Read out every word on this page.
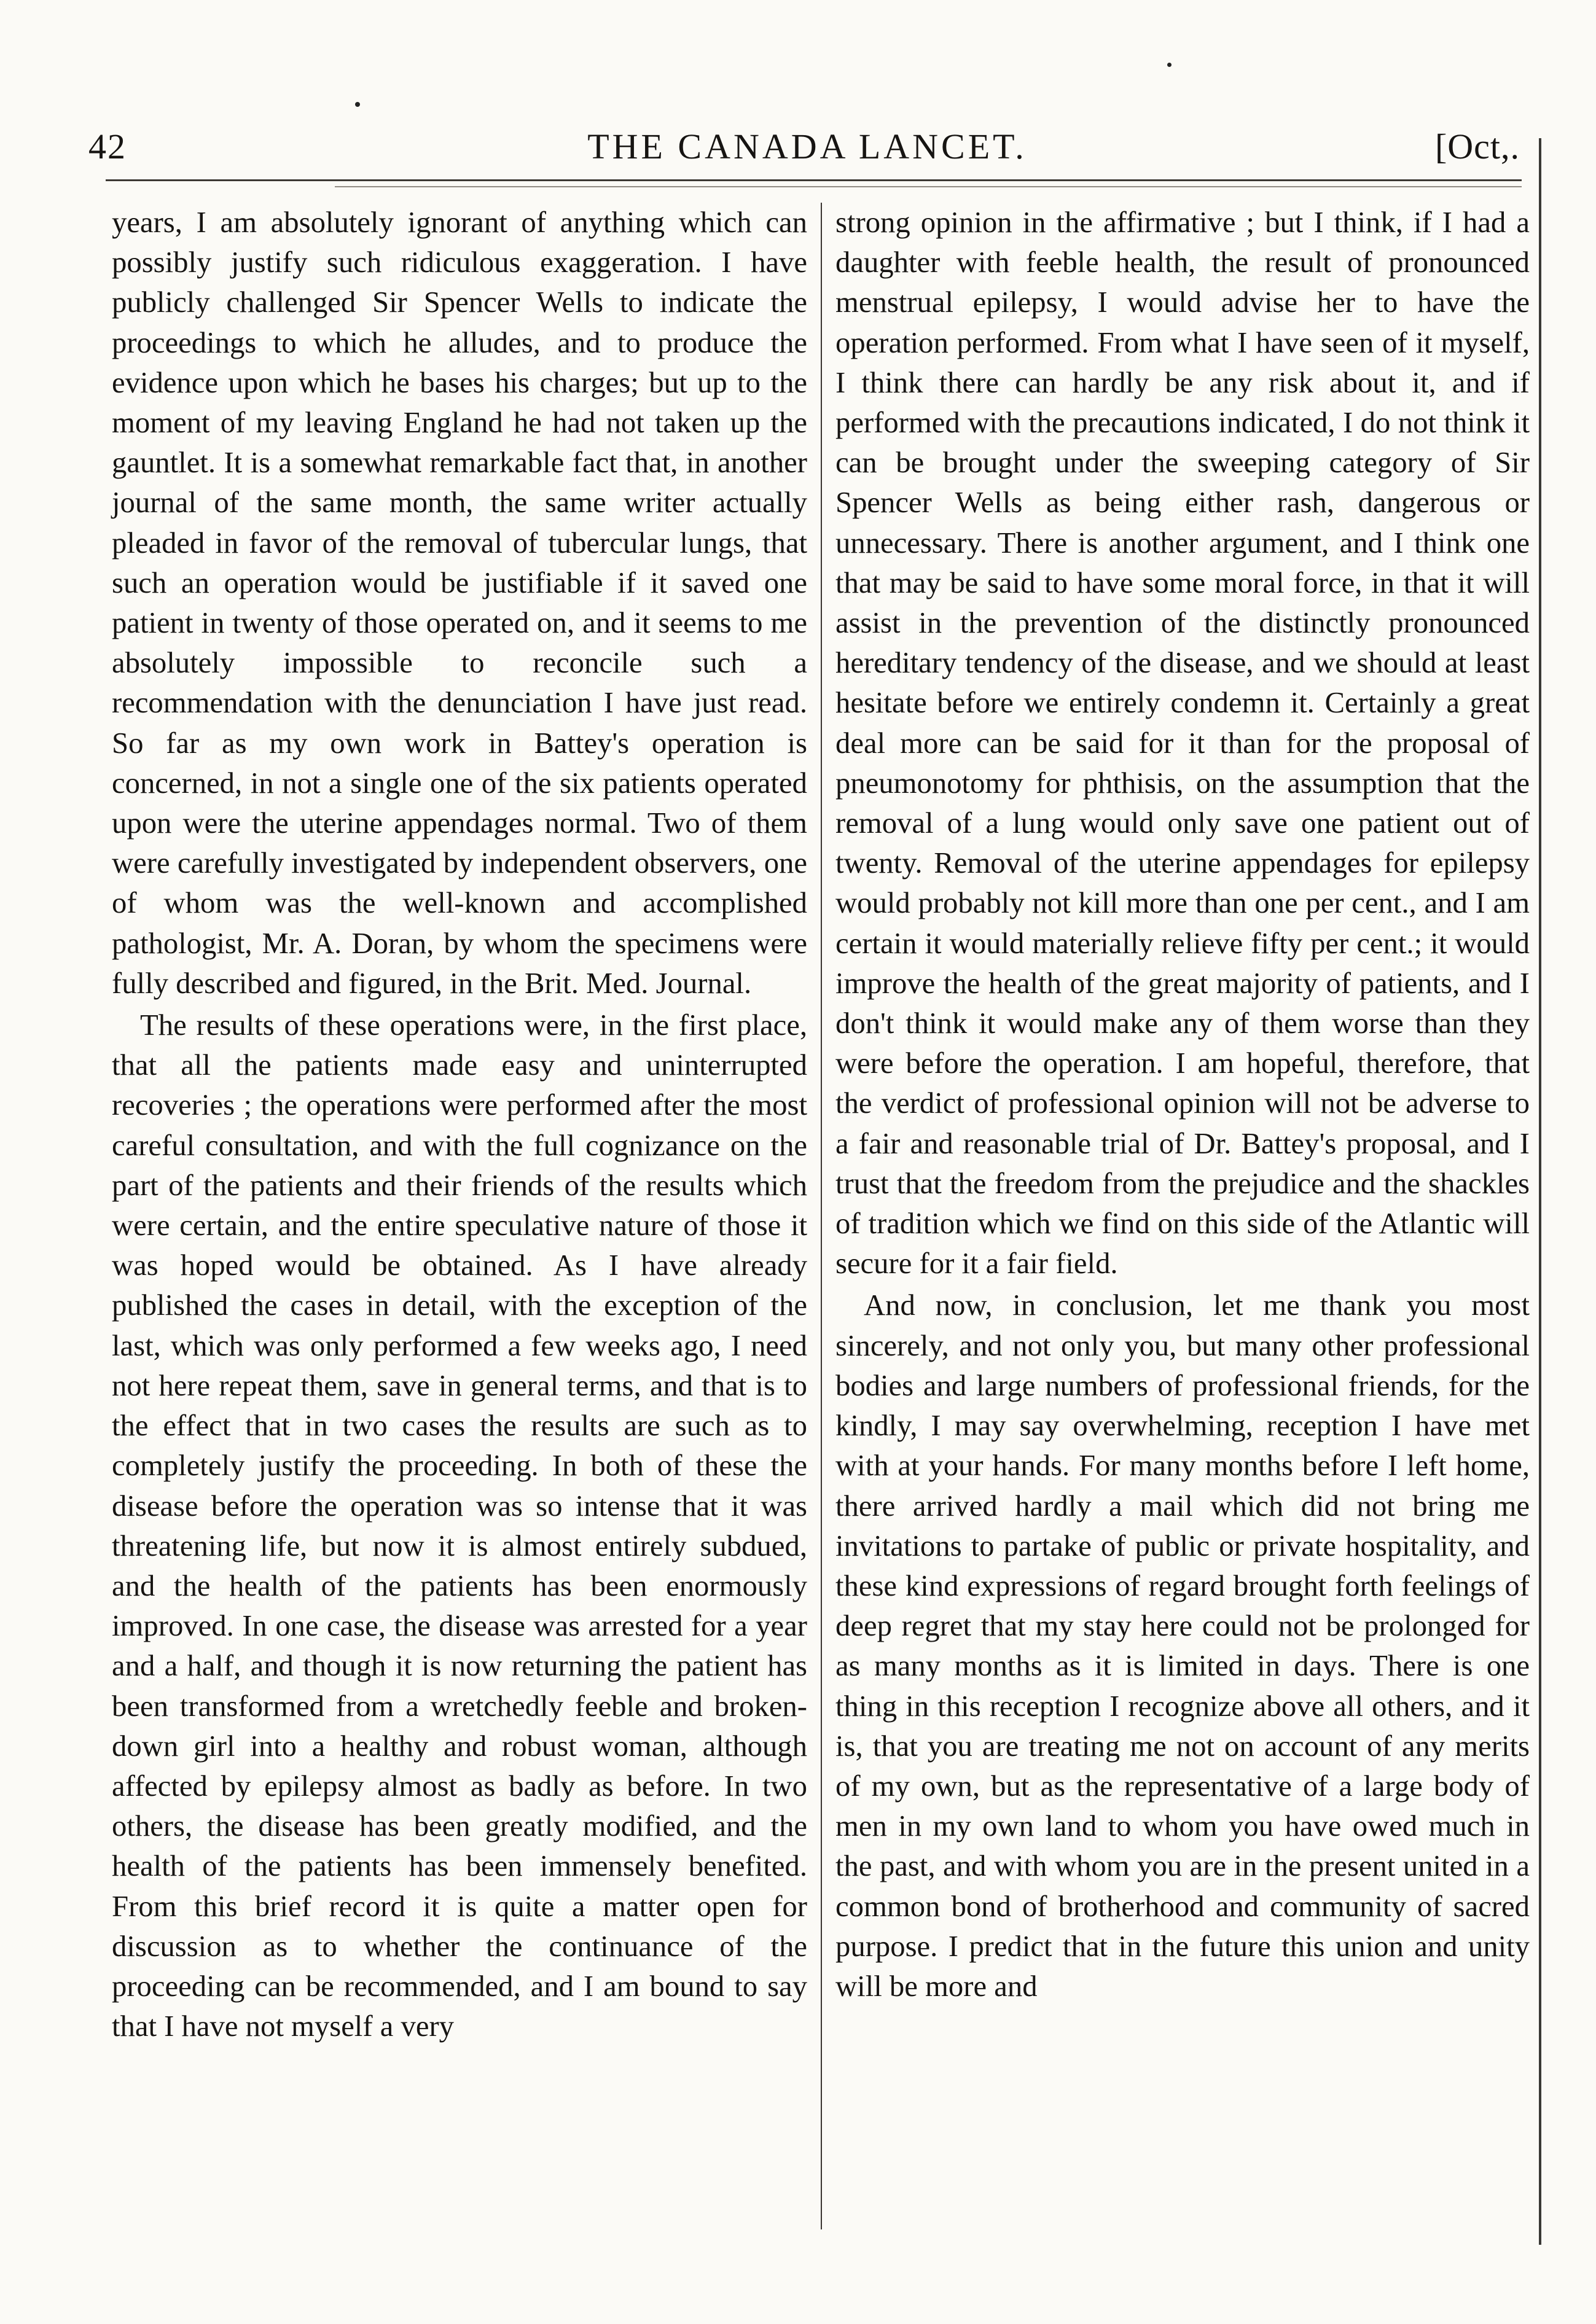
42	THE CANADA LANCET.	[Oct,.

years, I am absolutely ignorant of anything which can possibly justify such ridiculous exaggeration. I have publicly challenged Sir Spencer Wells to indicate the proceedings to which he alludes, and to produce the evidence upon which he bases his charges; but up to the moment of my leaving England he had not taken up the gauntlet. It is a somewhat remarkable fact that, in another journal of the same month, the same writer actually pleaded in favor of the removal of tubercular lungs, that such an operation would be justifiable if it saved one patient in twenty of those operated on, and it seems to me absolutely impossible to reconcile such a recommendation with the denunciation I have just read. So far as my own work in Battey's operation is concerned, in not a single one of the six patients operated upon were the uterine appendages normal. Two of them were carefully investigated by independent observers, one of whom was the well-known and accomplished pathologist, Mr. A. Doran, by whom the specimens were fully described and figured, in the Brit. Med. Journal.

The results of these operations were, in the first place, that all the patients made easy and uninterrupted recoveries ; the operations were performed after the most careful consultation, and with the full cognizance on the part of the patients and their friends of the results which were certain, and the entire speculative nature of those it was hoped would be obtained. As I have already published the cases in detail, with the exception of the last, which was only performed a few weeks ago, I need not here repeat them, save in general terms, and that is to the effect that in two cases the results are such as to completely justify the proceeding. In both of these the disease before the operation was so intense that it was threatening life, but now it is almost entirely subdued, and the health of the patients has been enormously improved. In one case, the disease was arrested for a year and a half, and though it is now returning the patient has been transformed from a wretchedly feeble and broken-down girl into a healthy and robust woman, although affected by epilepsy almost as badly as before. In two others, the disease has been greatly modified, and the health of the patients has been immensely benefited. From this brief record it is quite a matter open for discussion as to whether the continuance of the proceeding can be recommended, and I am bound to say that I have not myself a very

strong opinion in the affirmative ; but I think, if I had a daughter with feeble health, the result of pronounced menstrual epilepsy, I would advise her to have the operation performed. From what I have seen of it myself, I think there can hardly be any risk about it, and if performed with the precautions indicated, I do not think it can be brought under the sweeping category of Sir Spencer Wells as being either rash, dangerous or unnecessary. There is another argument, and I think one that may be said to have some moral force, in that it will assist in the prevention of the distinctly pronounced hereditary tendency of the disease, and we should at least hesitate before we entirely condemn it. Certainly a great deal more can be said for it than for the proposal of pneumonotomy for phthisis, on the assumption that the removal of a lung would only save one patient out of twenty. Removal of the uterine appendages for epilepsy would probably not kill more than one per cent., and I am certain it would materially relieve fifty per cent.; it would improve the health of the great majority of patients, and I don't think it would make any of them worse than they were before the operation. I am hopeful, therefore, that the verdict of professional opinion will not be adverse to a fair and reasonable trial of Dr. Battey's proposal, and I trust that the freedom from the prejudice and the shackles of tradition which we find on this side of the Atlantic will secure for it a fair field.

And now, in conclusion, let me thank you most sincerely, and not only you, but many other professional bodies and large numbers of professional friends, for the kindly, I may say overwhelming, reception I have met with at your hands. For many months before I left home, there arrived hardly a mail which did not bring me invitations to partake of public or private hospitality, and these kind expressions of regard brought forth feelings of deep regret that my stay here could not be prolonged for as many months as it is limited in days. There is one thing in this reception I recognize above all others, and it is, that you are treating me not on account of any merits of my own, but as the representative of a large body of men in my own land to whom you have owed much in the past, and with whom you are in the present united in a common bond of brotherhood and community of sacred purpose. I predict that in the future this union and unity will be more and
